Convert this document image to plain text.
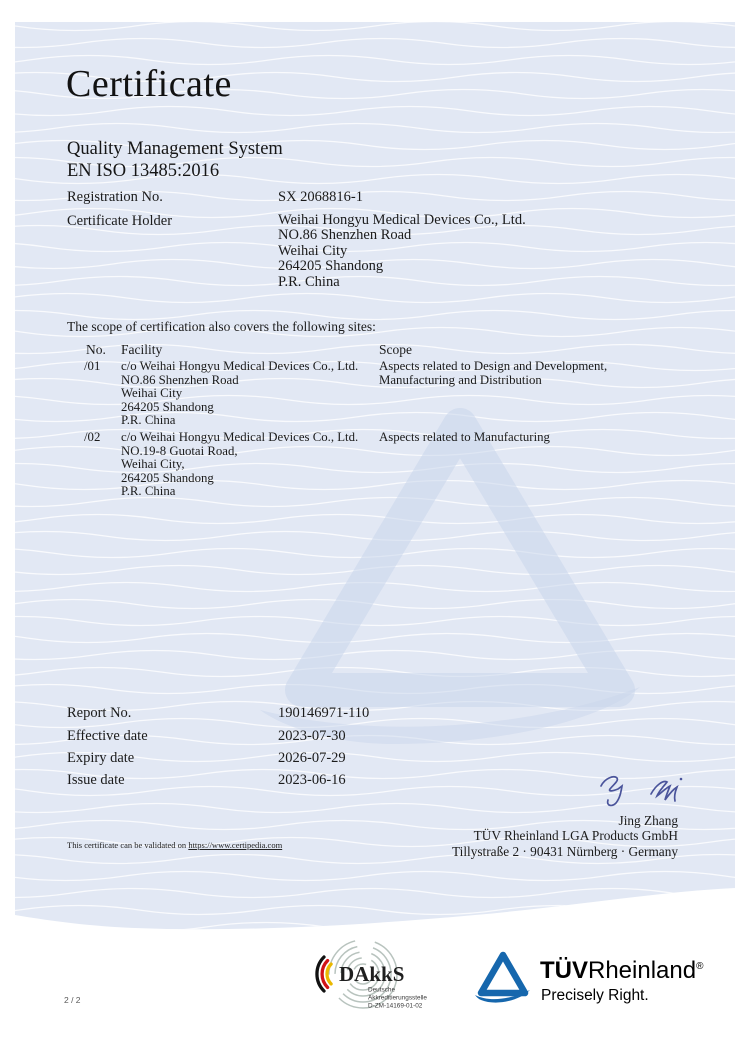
Certificate
Quality Management System
EN ISO 13485:2016
Registration No.	SX 2068816-1
Certificate Holder	Weihai Hongyu Medical Devices Co., Ltd.
NO.86 Shenzhen Road
Weihai City
264205 Shandong
P.R. China
The scope of certification also covers the following sites:
No. Facility	Scope
/01 c/o Weihai Hongyu Medical Devices Co., Ltd.
NO.86 Shenzhen Road
Weihai City
264205 Shandong
P.R. China
Aspects related to Design and Development,
Manufacturing and Distribution
/02 c/o Weihai Hongyu Medical Devices Co., Ltd.
NO.19-8 Guotai Road,
Weihai City,
264205 Shandong
P.R. China
Aspects related to Manufacturing
Report No.	190146971-110
Effective date	2023-07-30
Expiry date	2026-07-29
Issue date	2023-06-16
Jing Zhang
TÜV Rheinland LGA Products GmbH
Tillystraße 2 · 90431 Nürnberg · Germany
This certificate can be validated on https://www.certipedia.com
2 / 2
DAkkS
Deutsche
Akkreditierungsstelle
D-ZM-14169-01-02
TÜVRheinland®
Precisely Right.
